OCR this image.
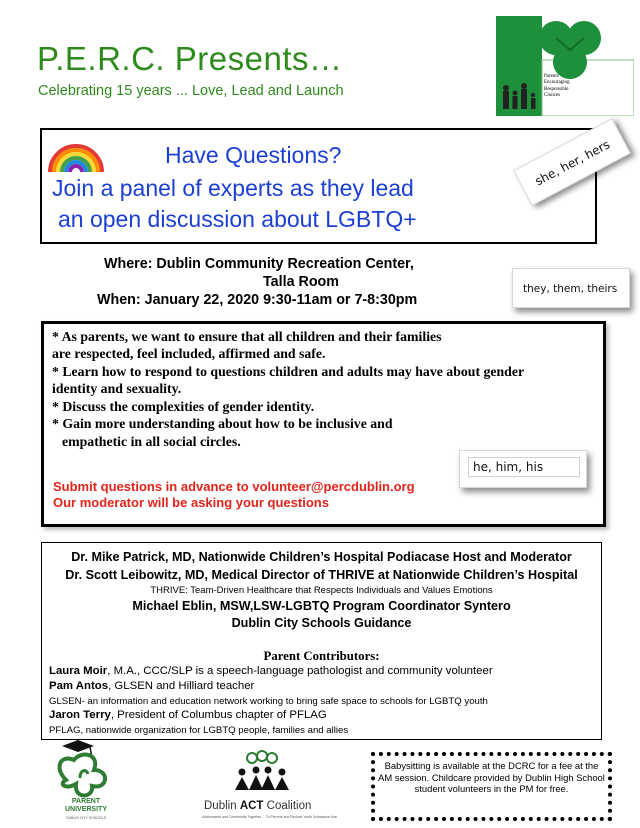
P.E.R.C. Presents…
Celebrating 15 years ... Love, Lead and Launch
Parents
Encouraging
Responsible
Choices
Have Questions?
Join a panel of experts as they lead
an open discussion about LGBTQ+
she, her, hers
they, them, theirs
Where: Dublin Community Recreation Center,
Talla Room
When: January 22, 2020 9:30-11am or 7-8:30pm
* As parents, we want to ensure that all children and their families
are respected, feel included, affirmed and safe.
* Learn how to respond to questions children and adults may have about gender
identity and sexuality.
* Discuss the complexities of gender identity.
* Gain more understanding about how to be inclusive and
empathetic in all social circles.
Submit questions in advance to volunteer@percdublin.org
Our moderator will be asking your questions
he, him, his
Dr. Mike Patrick, MD, Nationwide Children’s Hospital Podiacase Host and Moderator
Dr. Scott Leibowitz, MD, Medical Director of THRIVE at Nationwide Children’s Hospital
THRIVE: Team-Driven Healthcare that Respects Individuals and Values Emotions
Michael Eblin, MSW,LSW-LGBTQ Program Coordinator Syntero
Dublin City Schools Guidance
Parent Contributors:
Laura Moir, M.A., CCC/SLP is a speech-language pathologist and community volunteer
Pam Antos, GLSEN and Hilliard teacher
GLSEN- an information and education network working to bring safe space to schools for LGBTQ youth
Jaron Terry, President of Columbus chapter of PFLAG
PFLAG, nationwide organization for LGBTQ people, families and allies
PARENT UNIVERSITY
DUBLIN CITY SCHOOLS
Dublin ACT Coalition
Adolescents and Community Together ... To Prevent and Reduce Youth Substance Use
Babysitting is available at the DCRC for a fee at the AM session. Childcare provided by Dublin High School student volunteers in the PM for free.
